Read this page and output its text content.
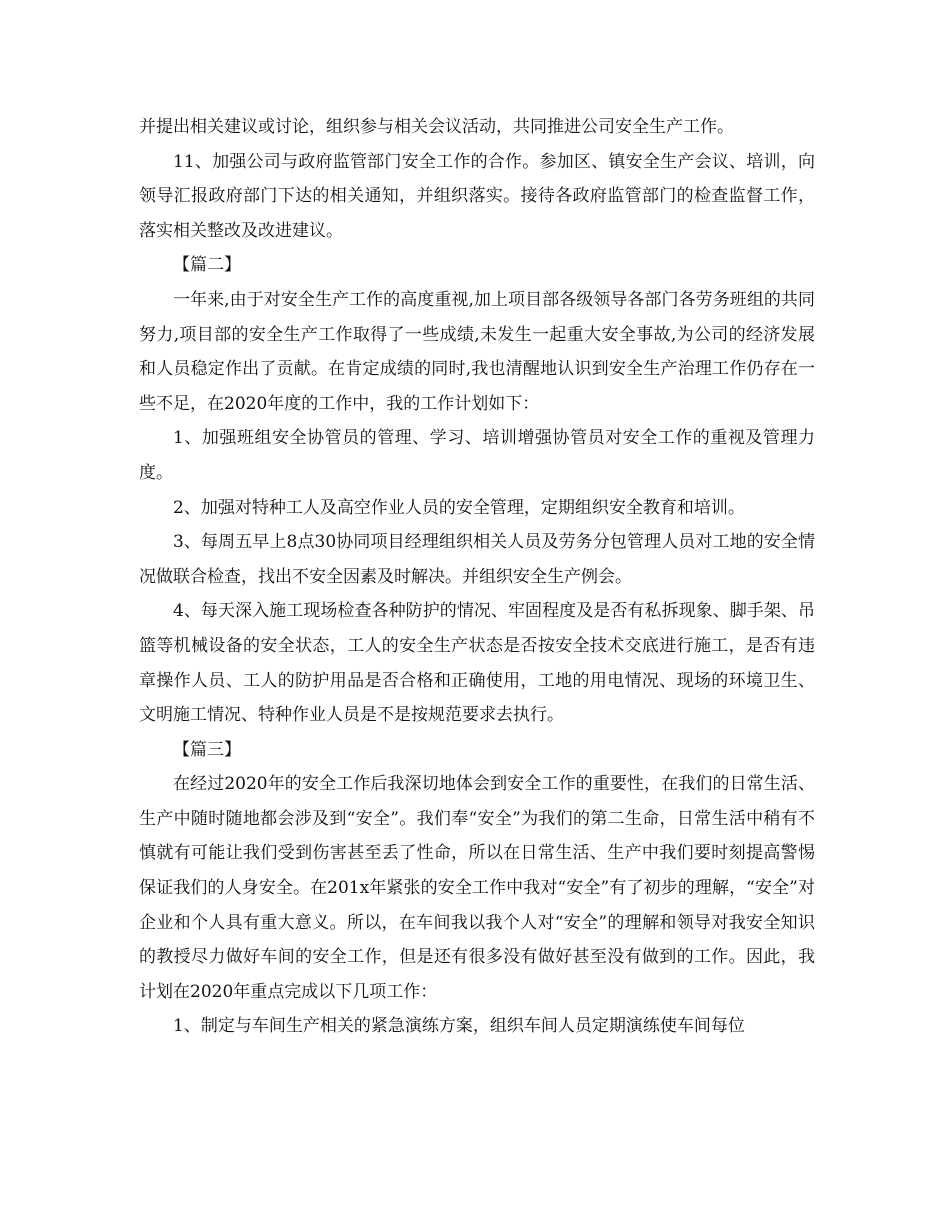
并提出相关建议或讨论，组织参与相关会议活动，共同推进公司安全生产工作。

11、加强公司与政府监管部门安全工作的合作。参加区、镇安全生产会议、培训，向领导汇报政府部门下达的相关通知，并组织落实。接待各政府监管部门的检查监督工作，落实相关整改及改进建议。

【篇二】

一年来,由于对安全生产工作的高度重视,加上项目部各级领导各部门各劳务班组的共同努力,项目部的安全生产工作取得了一些成绩,未发生一起重大安全事故,为公司的经济发展和人员稳定作出了贡献。在肯定成绩的同时,我也清醒地认识到安全生产治理工作仍存在一些不足，在2020年度的工作中，我的工作计划如下：

1、加强班组安全协管员的管理、学习、培训增强协管员对安全工作的重视及管理力度。

2、加强对特种工人及高空作业人员的安全管理，定期组织安全教育和培训。

3、每周五早上8点30协同项目经理组织相关人员及劳务分包管理人员对工地的安全情况做联合检查，找出不安全因素及时解决。并组织安全生产例会。

4、每天深入施工现场检查各种防护的情况、牢固程度及是否有私拆现象、脚手架、吊篮等机械设备的安全状态，工人的安全生产状态是否按安全技术交底进行施工，是否有违章操作人员、工人的防护用品是否合格和正确使用，工地的用电情况、现场的环境卫生、文明施工情况、特种作业人员是不是按规范要求去执行。

【篇三】

在经过2020年的安全工作后我深切地体会到安全工作的重要性，在我们的日常生活、生产中随时随地都会涉及到“安全”。我们奉“安全”为我们的第二生命，日常生活中稍有不慎就有可能让我们受到伤害甚至丢了性命，所以在日常生活、生产中我们要时刻提高警惕保证我们的人身安全。在201x年紧张的安全工作中我对“安全”有了初步的理解，“安全”对企业和个人具有重大意义。所以，在车间我以我个人对“安全”的理解和领导对我安全知识的教授尽力做好车间的安全工作，但是还有很多没有做好甚至没有做到的工作。因此，我计划在2020年重点完成以下几项工作：

1、制定与车间生产相关的紧急演练方案，组织车间人员定期演练使车间每位
